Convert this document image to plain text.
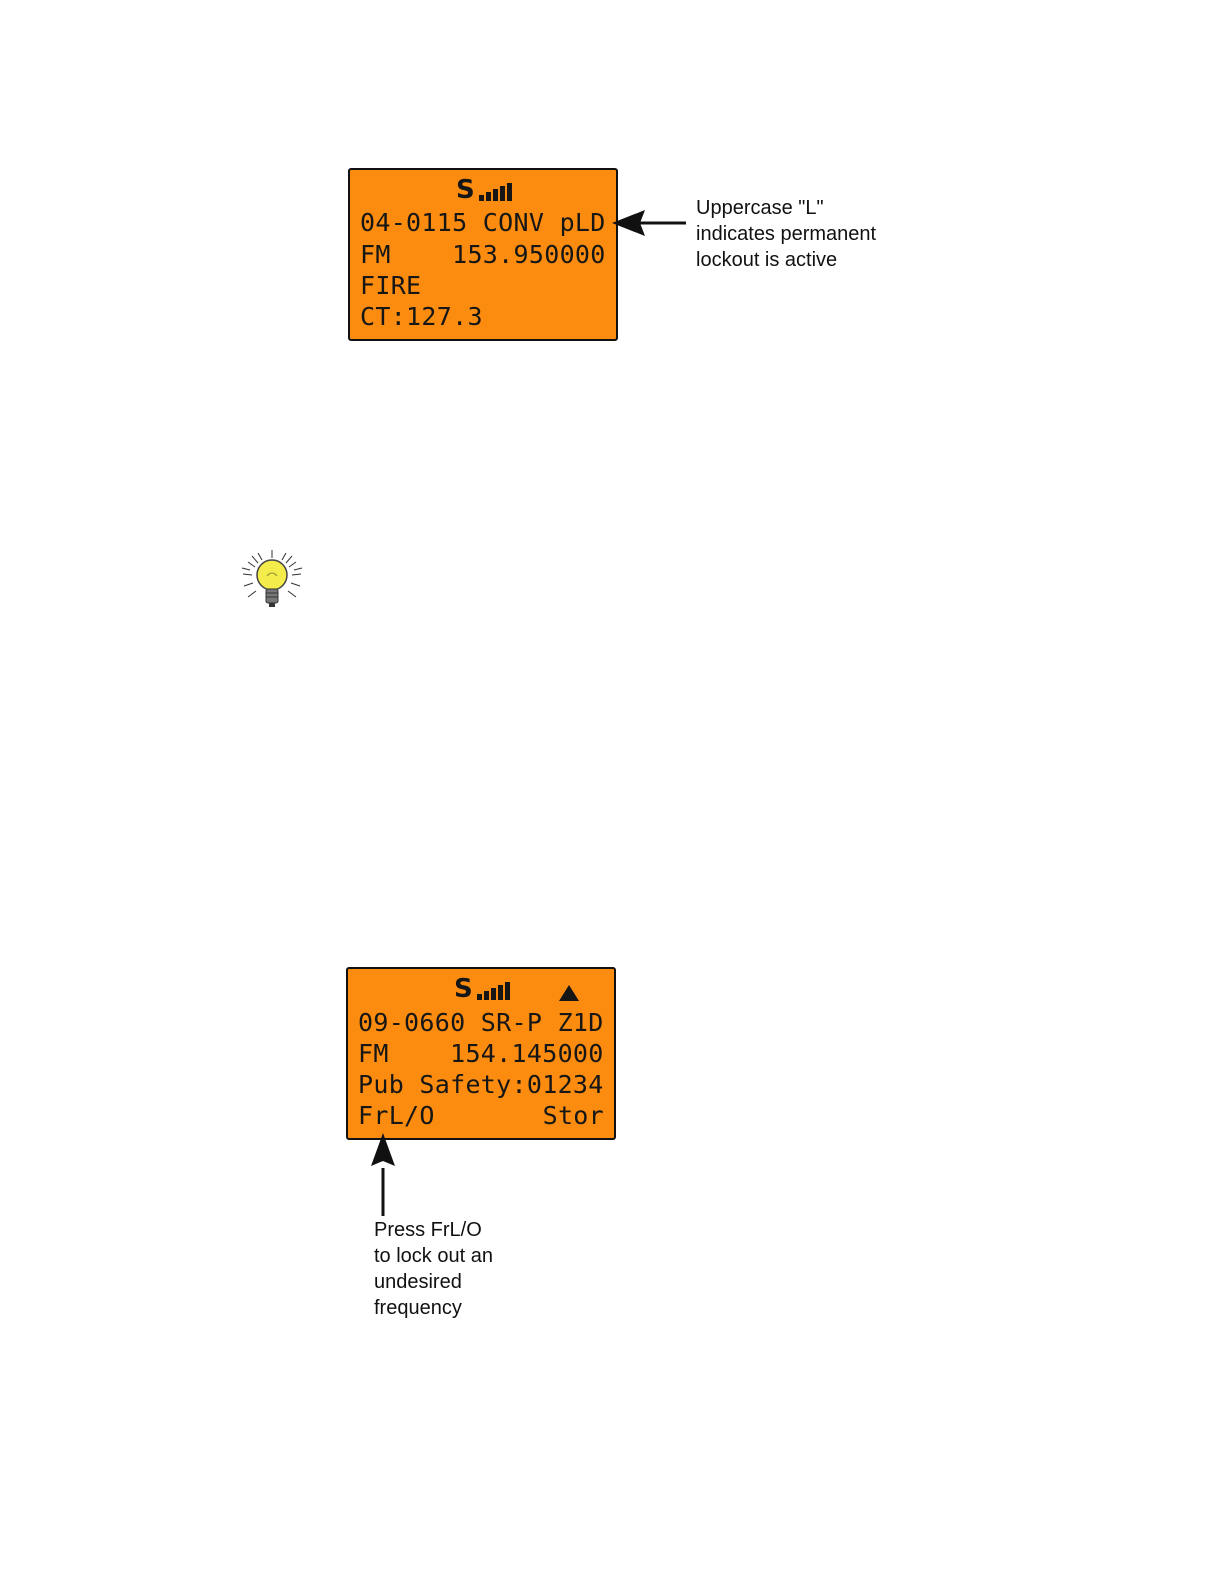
S
04-0115 CONV pLD
FM    153.950000
FIRE
CT:127.3
Uppercase "L"
indicates permanent
lockout is active
S
09-0660 SR-P Z1D
FM    154.145000
Pub Safety:01234
FrL/O	Stor
Press FrL/O
to lock out an
undesired
frequency
